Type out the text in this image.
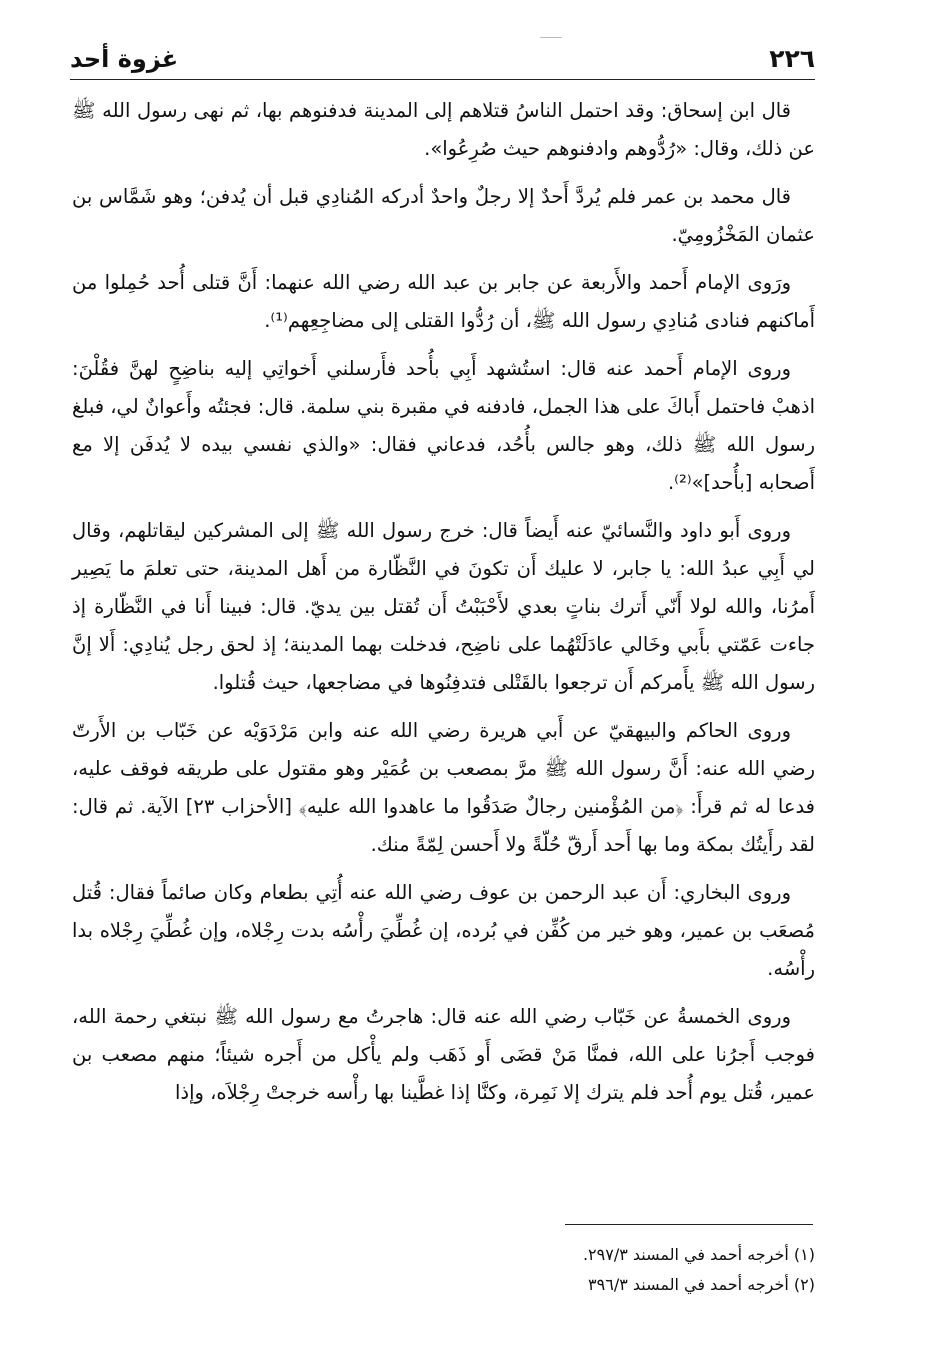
٢٢٦
غزوة أحد

قال ابن إسحاق: وقد احتمل الناسُ قتلاهم إلى المدينة فدفنوهم بها، ثم نهى رسول الله ﷺ عن ذلك، وقال: «رُدُّوهم وادفنوهم حيث صُرِعُوا».

قال محمد بن عمر فلم يُردَّ أَحدٌ إلا رجلٌ واحدٌ أدركه المُنادِي قبل أن يُدفن؛ وهو شَمَّاس بن عثمان المَخْزُومِيّ.

ورَوى الإمام أَحمد والأَربعة عن جابر بن عبد الله رضي الله عنهما: أَنَّ قتلى أُحد حُمِلوا من أَماكنهم فنادى مُنادِي رسول الله ﷺ، أن رُدُّوا القتلى إلى مضاجِعِهم⁽¹⁾.

وروى الإمام أَحمد عنه قال: استُشهد أَبِي بأُحد فأَرسلني أَخواتِي إليه بناضِحٍ لهنَّ فقُلْنَ: اذهبْ فاحتمل أَباكَ على هذا الجمل، فادفنه في مقبرة بني سلمة. قال: فجئتُه وأَعوانٌ لي، فبلغ رسول الله ﷺ ذلك، وهو جالس بأُحُد، فدعاني فقال: «والذي نفسي بيده لا يُدفَن إلا مع أَصحابه [بأُحد]»⁽²⁾.

وروى أَبو داود والنَّسائيّ عنه أَيضاً قال: خرج رسول الله ﷺ إلى المشركين ليقاتلهم، وقال لي أَبِي عبدُ الله: يا جابر، لا عليك أَن تكونَ في النَّظّارة من أَهل المدينة، حتى تعلمَ ما يَصِير أَمرُنا، والله لولا أَنّي أَترك بناتٍ بعدي لأَحْبَبْتُ أَن تُقتل بين يديّ. قال: فبينا أَنا في النَّظّارة إذ جاءت عَمّتي بأَبي وخَالي عادَلَتْهُما على ناضِح، فدخلت بهما المدينة؛ إذ لحق رجل يُنادِي: أَلا إنَّ رسول الله ﷺ يأَمركم أَن ترجعوا بالقَتْلى فتدفِنُوها في مضاجعها، حيث قُتلوا.

وروى الحاكم والبيهقيّ عن أَبي هريرة رضي الله عنه وابن مَرْدَوَيْه عن خَبّاب بن الأَرتّ رضي الله عنه: أَنَّ رسول الله ﷺ مرَّ بمصعب بن عُمَيْر وهو مقتول على طريقه فوقف عليه، فدعا له ثم قرأَ: ﴿من المُؤْمنين رجالٌ صَدَقُوا ما عاهدوا الله عليه﴾ [الأحزاب ٢٣] الآية. ثم قال: لقد رأَيتُك بمكة وما بها أَحد أَرقّ حُلّةً ولا أَحسن لِمّةً منك.

وروى البخاري: أَن عبد الرحمن بن عوف رضي الله عنه أُتِي بطعام وكان صائماً فقال: قُتل مُصعَب بن عمير، وهو خير من كُفِّن في بُرده، إن غُطِّيَ رأْسُه بدت رِجْلاه، وإن غُطِّيَ رِجْلاه بدا رأْسُه.

وروى الخمسةُ عن خَبّاب رضي الله عنه قال: هاجرتُ مع رسول الله ﷺ نبتغي رحمة الله، فوجب أَجرُنا على الله، فمنَّا مَنْ قضَى أَو ذَهَب ولم يأْكل من أَجره شيئاً؛ منهم مصعب بن عمير، قُتل يوم أُحد فلم يترك إلا نَمِرة، وكنَّا إذا غطَّينا بها رأْسه خرجتْ رِجْلاَه، وإذا

(١) أخرجه أحمد في المسند ٢٩٧/٣.

(٢) أخرجه أحمد في المسند ٣٩٦/٣
